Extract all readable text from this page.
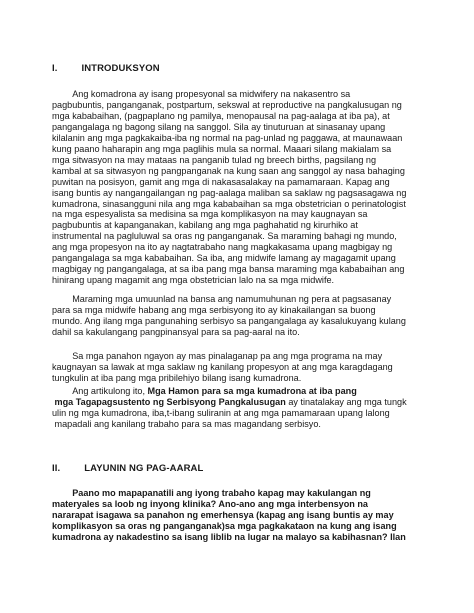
I.	INTRODUKSYON
Ang komadrona ay isang propesyonal sa midwifery na nakasentro sa
pagbubuntis, panganganak, postpartum, sekswal at reproductive na pangkalusugan ng
mga kababaihan, (pagpaplano ng pamilya, menopausal na pag-aalaga at iba pa), at
pangangalaga ng bagong silang na sanggol. Sila ay tinuturuan at sinasanay upang
kilalanin ang mga pagkakaiba-iba ng normal na pag-unlad ng paggawa, at maunawaan
kung paano haharapin ang mga paglihis mula sa normal. Maaari silang makialam sa
mga sitwasyon na may mataas na panganib tulad ng breech births, pagsilang ng
kambal at sa sitwasyon ng pangpanganak na kung saan ang sanggol ay nasa bahaging
puwitan na posisyon, gamit ang mga di nakasasalakay na pamamaraan. Kapag ang
isang buntis ay nangangailangan ng pag-aalaga maliban sa saklaw ng pagsasagawa ng
kumadrona, sinasangguni nila ang mga kababaihan sa mga obstetrician o perinatologist
na mga espesyalista sa medisina sa mga komplikasyon na may kaugnayan sa
pagbubuntis at kapanganakan, kabilang ang mga paghahatid ng kirurhiko at
instrumental na pagluluwal sa oras ng panganganak. Sa maraming bahagi ng mundo,
ang mga propesyon na ito ay nagtatrabaho nang magkakasama upang magbigay ng
pangangalaga sa mga kababaihan. Sa iba, ang midwife lamang ay magagamit upang
magbigay ng pangangalaga, at sa iba pang mga bansa maraming mga kababaihan ang
hinirang upang magamit ang mga obstetrician lalo na sa mga midwife.
Maraming mga umuunlad na bansa ang namumuhunan ng pera at pagsasanay
para sa mga midwife habang ang mga serbisyong ito ay kinakailangan sa buong
mundo. Ang ilang mga pangunahing serbisyo sa pangangalaga ay kasalukuyang kulang
dahil sa kakulangang pangpinansyal para sa pag-aaral na ito.
Sa mga panahon ngayon ay mas pinalaganap pa ang mga programa na may
kaugnayan sa lawak at mga saklaw ng kanilang propesyon at ang mga karagdagang
tungkulin at iba pang mga pribilehiyo bilang isang kumadrona.
Ang artikulong ito, Mga Hamon para sa mga kumadrona at iba pang
mga Tagapagsustento ng Serbisyong Pangkalusugan ay tinatalakay ang mga tungk
ulin ng mga kumadrona, iba,t-ibang suliranin at ang mga pamamaraan upang lalong
mapadali ang kanilang trabaho para sa mas magandang serbisyo.
II.	LAYUNIN NG PAG-AARAL
Paano mo mapapanatili ang iyong trabaho kapag may kakulangan ng
materyales sa loob ng inyong klinika? Ano-ano ang mga interbensyon na
nararapat isagawa sa panahon ng emerhensya (kapag ang isang buntis ay may
komplikasyon sa oras ng panganganak)sa mga pagkakataon na kung ang isang
kumadrona ay nakadestino sa isang liblib na lugar na malayo sa kabihasnan? Ilan
